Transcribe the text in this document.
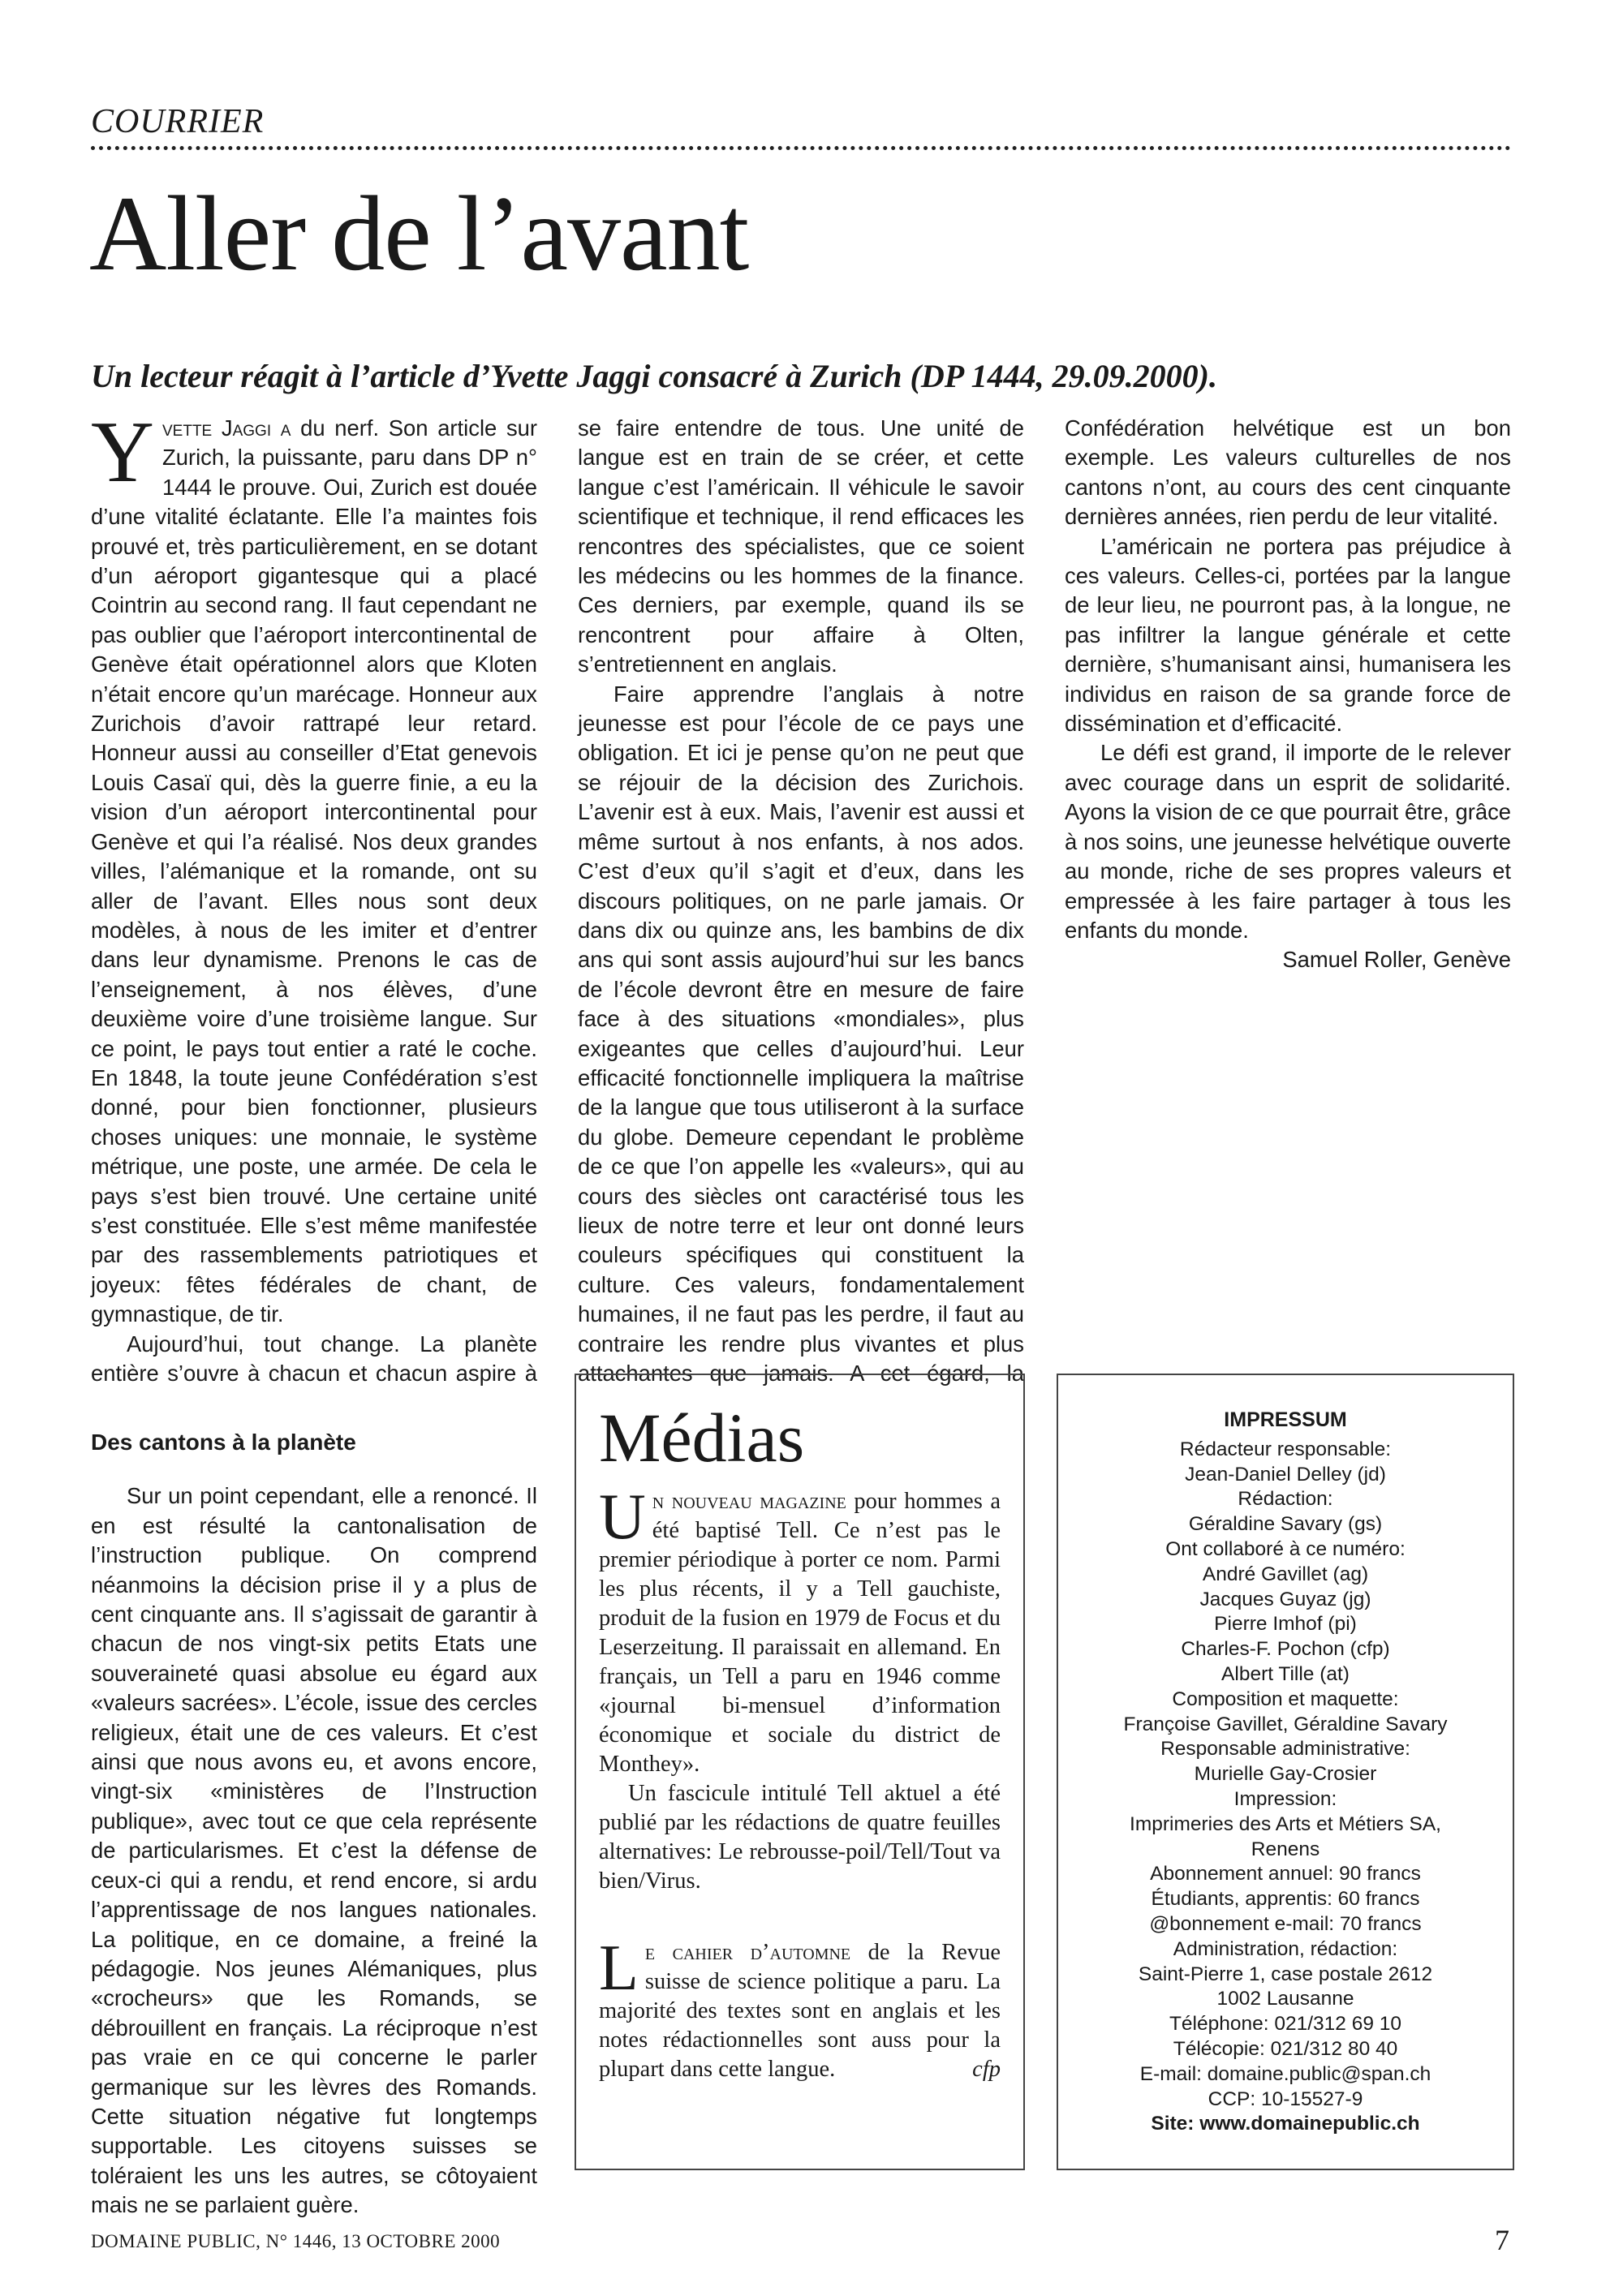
COURRIER
Aller de l’avant

Un lecteur réagit à l’article d’Yvette Jaggi consacré à Zurich (DP 1444, 29.09.2000).

Yvette Jaggi a du nerf. Son article sur Zurich, la puissante, paru dans DP n° 1444 le prouve. Oui, Zurich est douée d’une vitalité éclatante. Elle l’a maintes fois prouvé et, très particulièrement, en se dotant d’un aéroport gigantesque qui a placé Cointrin au second rang. Il faut cependant ne pas oublier que l’aéroport intercontinental de Genève était opérationnel alors que Kloten n’était encore qu’un marécage. Honneur aux Zurichois d’avoir rattrapé leur retard. Honneur aussi au conseiller d’Etat genevois Louis Casaï qui, dès la guerre finie, a eu la vision d’un aéroport intercontinental pour Genève et qui l’a réalisé. Nos deux grandes villes, l’alémanique et la romande, ont su aller de l’avant. Elles nous sont deux modèles, à nous de les imiter et d’entrer dans leur dynamisme. Prenons le cas de l’enseignement, à nos élèves, d’une deuxième voire d’une troisième langue. Sur ce point, le pays tout entier a raté le coche. En 1848, la toute jeune Confédération s’est donné, pour bien fonctionner, plusieurs choses uniques: une monnaie, le système métrique, une poste, une armée. De cela le pays s’est bien trouvé. Une certaine unité s’est constituée. Elle s’est même manifestée par des rassemblements patriotiques et joyeux: fêtes fédérales de chant, de gymnastique, de tir.

Aujourd’hui, tout change. La planète entière s’ouvre à chacun et chacun aspire à se faire entendre de tous. Une unité de langue est en train de se créer, et cette langue c’est l’américain. Il véhicule le savoir scientifique et technique, il rend efficaces les rencontres des spécialistes, que ce soient les médecins ou les hommes de la finance. Ces derniers, par exemple, quand ils se rencontrent pour affaire à Olten, s’entretiennent en anglais.

Faire apprendre l’anglais à notre jeunesse est pour l’école de ce pays une obligation. Et ici je pense qu’on ne peut que se réjouir de la décision des Zurichois. L’avenir est à eux. Mais, l’avenir est aussi et même surtout à nos enfants, à nos ados. C’est d’eux qu’il s’agit et d’eux, dans les discours politiques, on ne parle jamais. Or dans dix ou quinze ans, les bambins de dix ans qui sont assis aujourd’hui sur les bancs de l’école devront être en mesure de faire face à des situations «mondiales», plus exigeantes que celles d’aujourd’hui. Leur efficacité fonctionnelle impliquera la maîtrise de la langue que tous utiliseront à la surface du globe. Demeure cependant le problème de ce que l’on appelle les «valeurs», qui au cours des siècles ont caractérisé tous les lieux de notre terre et leur ont donné leurs couleurs spécifiques qui constituent la culture. Ces valeurs, fondamentalement humaines, il ne faut pas les perdre, il faut au contraire les rendre plus vivantes et plus attachantes que jamais. A cet égard, la Confédération helvétique est un bon exemple. Les valeurs culturelles de nos cantons n’ont, au cours des cent cinquante dernières années, rien perdu de leur vitalité.

L’américain ne portera pas préjudice à ces valeurs. Celles-ci, portées par la langue de leur lieu, ne pourront pas, à la longue, ne pas infiltrer la langue générale et cette dernière, s’humanisant ainsi, humanisera les individus en raison de sa grande force de dissémination et d’efficacité.

Le défi est grand, il importe de le relever avec courage dans un esprit de solidarité. Ayons la vision de ce que pourrait être, grâce à nos soins, une jeunesse helvétique ouverte au monde, riche de ses propres valeurs et empressée à les faire partager à tous les enfants du monde.

Samuel Roller, Genève

Des cantons à la planète

Sur un point cependant, elle a renoncé. Il en est résulté la cantonalisation de l’instruction publique. On comprend néanmoins la décision prise il y a plus de cent cinquante ans. Il s’agissait de garantir à chacun de nos vingt-six petits Etats une souveraineté quasi absolue eu égard aux «valeurs sacrées». L’école, issue des cercles religieux, était une de ces valeurs. Et c’est ainsi que nous avons eu, et avons encore, vingt-six «ministères de l’Instruction publique», avec tout ce que cela représente de particularismes. Et c’est la défense de ceux-ci qui a rendu, et rend encore, si ardu l’apprentissage de nos langues nationales. La politique, en ce domaine, a freiné la pédagogie. Nos jeunes Alémaniques, plus «crocheurs» que les Romands, se débrouillent en français. La réciproque n’est pas vraie en ce qui concerne le parler germanique sur les lèvres des Romands. Cette situation négative fut longtemps supportable. Les citoyens suisses se toléraient les uns les autres, se côtoyaient mais ne se parlaient guère.

Médias

Un nouveau magazine pour hommes a été baptisé Tell. Ce n’est pas le premier périodique à porter ce nom. Parmi les plus récents, il y a Tell gauchiste, produit de la fusion en 1979 de Focus et du Leserzeitung. Il paraissait en allemand. En français, un Tell a paru en 1946 comme «journal bi-mensuel d’information économique et sociale du district de Monthey».

Un fascicule intitulé Tell aktuel a été publié par les rédactions de quatre feuilles alternatives: Le rebrousse-poil/Tell/Tout va bien/Virus.

Le cahier d’automne de la Revue suisse de science politique a paru. La majorité des textes sont en anglais et les notes rédactionnelles sont auss pour la plupart dans cette langue.	cfp

IMPRESSUM
Rédacteur responsable:
Jean-Daniel Delley (jd)
Rédaction:
Géraldine Savary (gs)
Ont collaboré à ce numéro:
André Gavillet (ag)
Jacques Guyaz (jg)
Pierre Imhof (pi)
Charles-F. Pochon (cfp)
Albert Tille (at)
Composition et maquette:
Françoise Gavillet, Géraldine Savary
Responsable administrative:
Murielle Gay-Crosier
Impression:
Imprimeries des Arts et Métiers SA,
Renens
Abonnement annuel: 90 francs
Étudiants, apprentis: 60 francs
@bonnement e-mail: 70 francs
Administration, rédaction:
Saint-Pierre 1, case postale 2612
1002 Lausanne
Téléphone: 021/312 69 10
Télécopie: 021/312 80 40
E-mail: domaine.public@span.ch
CCP: 10-15527-9
Site: www.domainepublic.ch
DOMAINE PUBLIC, N° 1446, 13 OCTOBRE 2000	7
